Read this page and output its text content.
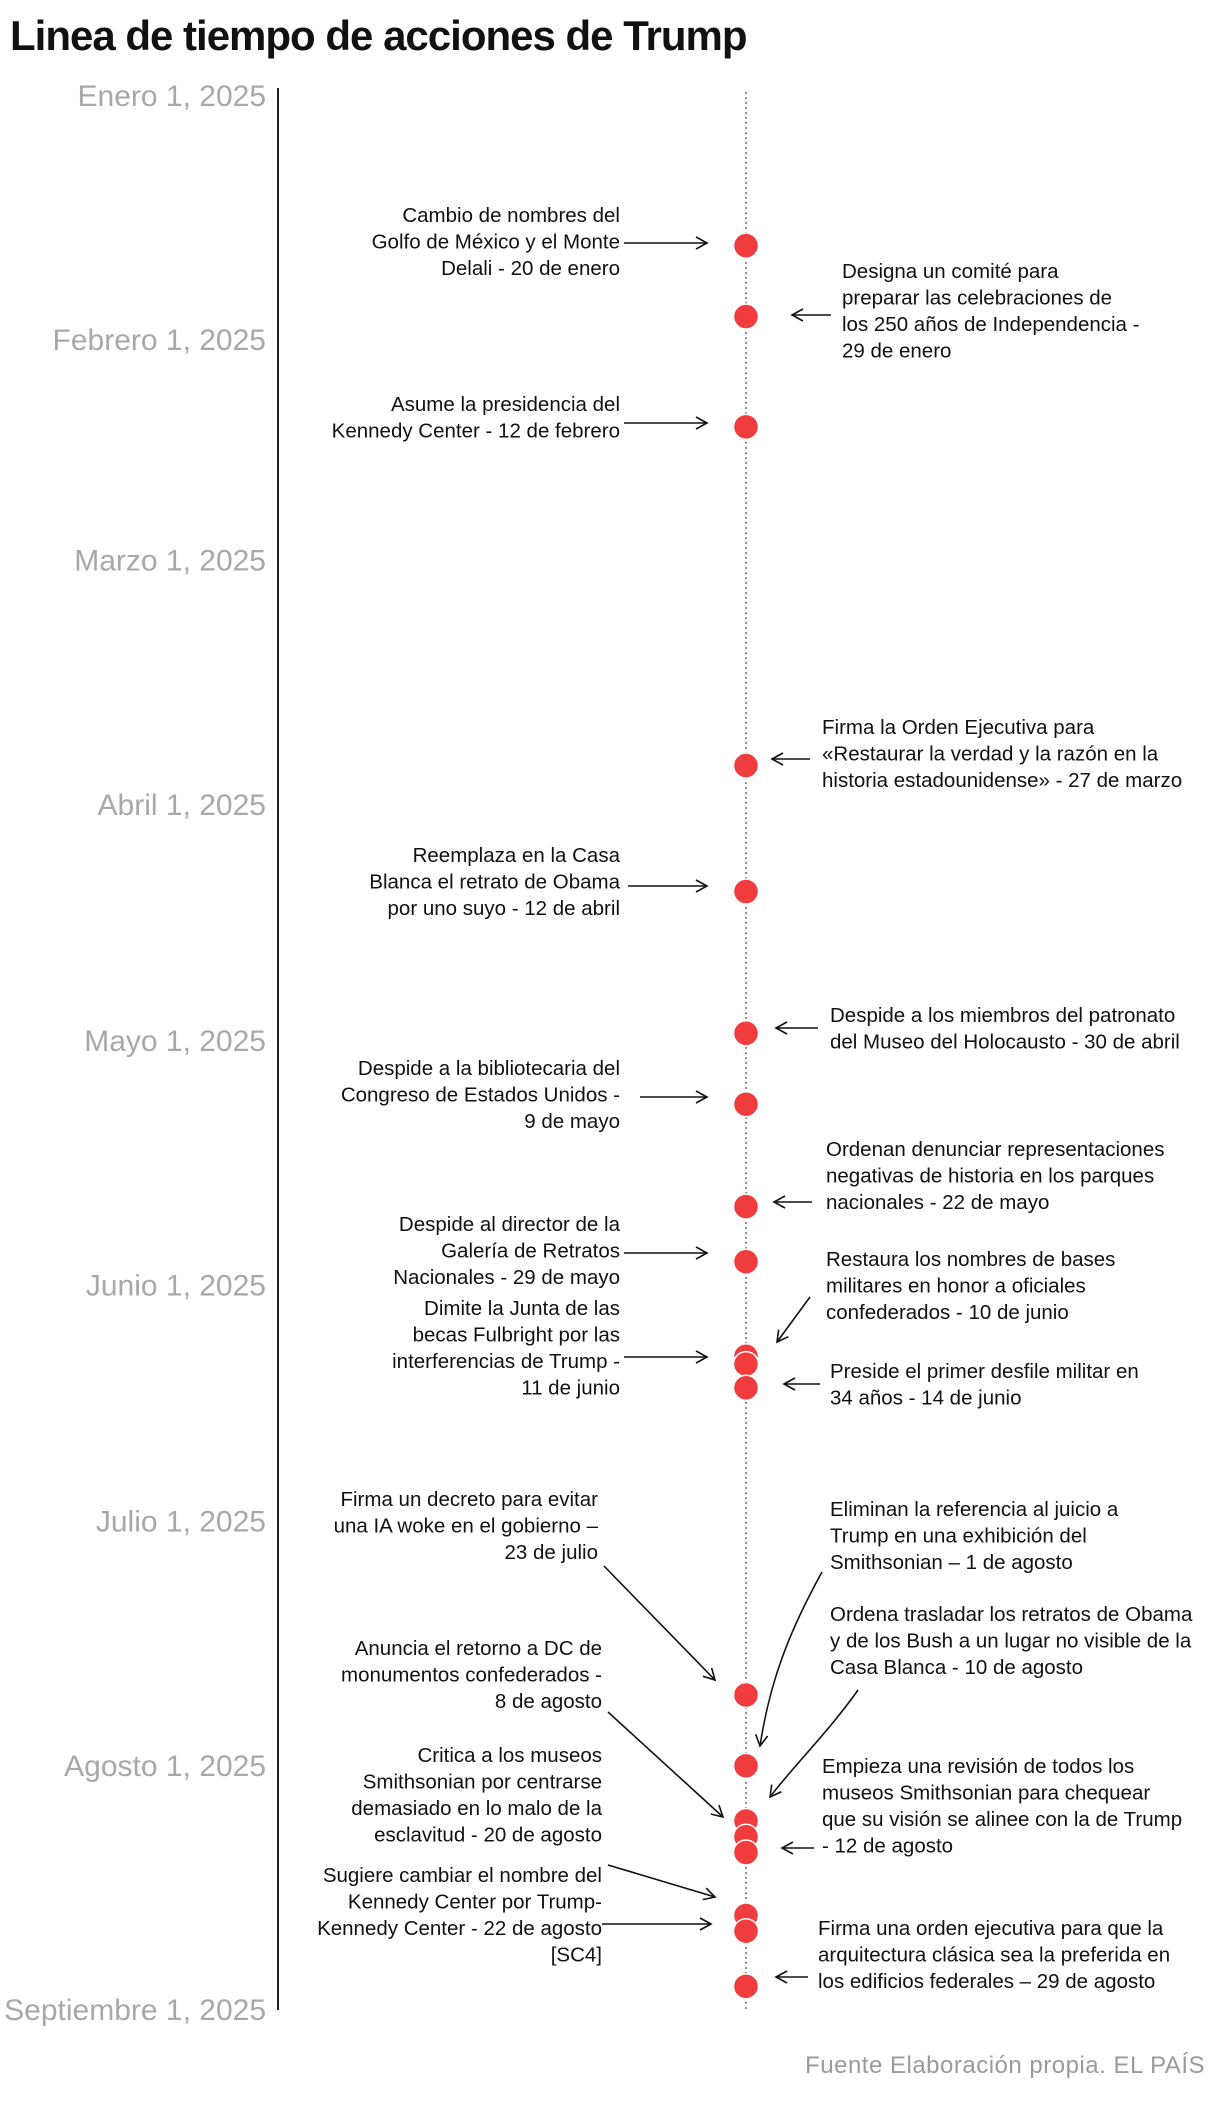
Linea de tiempo de acciones de Trump
Enero 1, 2025
Febrero 1, 2025
Marzo 1, 2025
Abril 1, 2025
Mayo 1, 2025
Junio 1, 2025
Julio 1, 2025
Agosto 1, 2025
Septiembre 1, 2025
Cambio de nombres del Golfo de México y el Monte Delali - 20 de enero	Designa un comité para preparar las celebraciones de los 250 años de Independencia -29 de enero
Asume la presidencia del Kennedy Center - 12 de febrero
Firma la Orden Ejecutiva para «Restaurar la verdad y la razón en la historia estadounidense» - 27 de marzo
Reemplaza en la Casa Blanca el retrato de Obama por uno suyo - 12 de abril
Despide a los miembros del patronato del Museo del Holocausto - 30 de abril
Despide a la bibliotecaria del Congreso de Estados Unidos -9 de mayo
Ordenan denunciar representaciones negativas de historia en los parques nacionales - 22 de mayo
Despide al director de la Galería de Retratos Nacionales - 29 de mayo
Restaura los nombres de bases militares en honor a oficiales confederados - 10 de junio
Dimite la Junta de las becas Fulbright por las interferencias de Trump -11 de junio
Preside el primer desfile militar en 34 años - 14 de junio
Firma un decreto para evitar una IA woke en el gobierno – 23 de julio
Eliminan la referencia al juicio a Trump en una exhibición del Smithsonian – 1 de agosto
Anuncia el retorno a DC de monumentos confederados -8 de agosto
Ordena trasladar los retratos de Obama y de los Bush a un lugar no visible de la Casa Blanca - 10 de agosto
Empieza una revisión de todos los museos Smithsonian para chequear que su visión se alinee con la de Trump - 12 de agosto
Critica a los museos Smithsonian por centrarse demasiado en lo malo de la esclavitud - 20 de agosto
Sugiere cambiar el nombre del Kennedy Center por Trump-Kennedy Center - 22 de agosto [SC4]
Firma una orden ejecutiva para que la arquitectura clásica sea la preferida en los edificios federales – 29 de agosto
Fuente Elaboración propia. EL PAÍS
